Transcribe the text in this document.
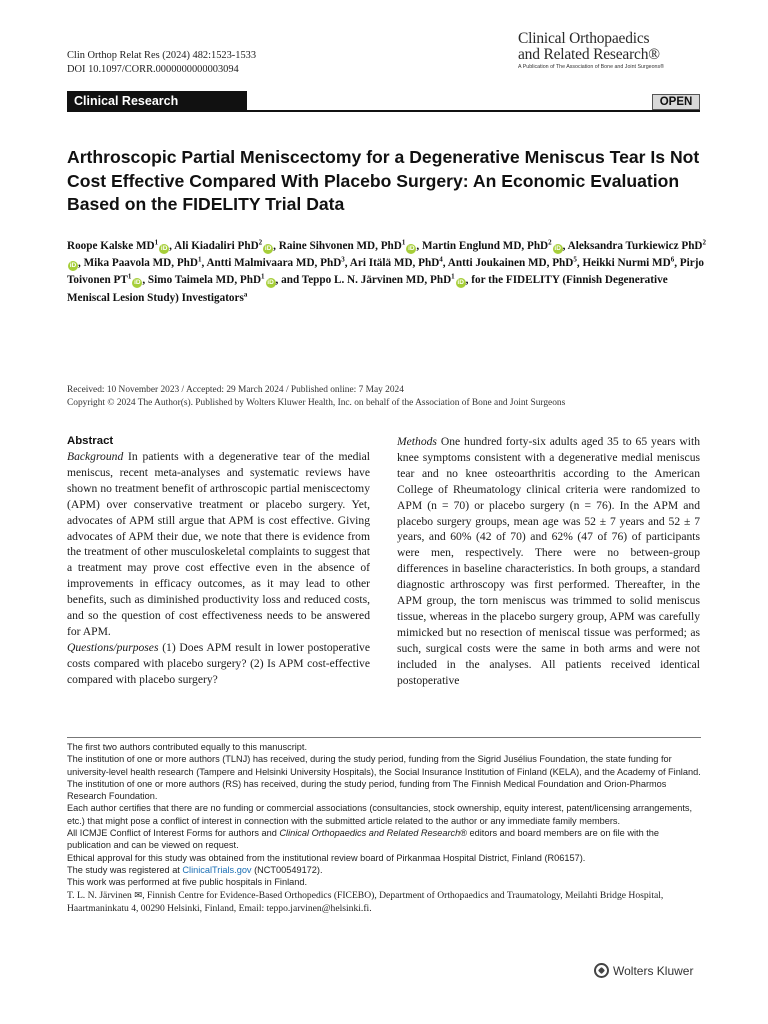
Clin Orthop Relat Res (2024) 482:1523-1533
DOI 10.1097/CORR.0000000000003094
Clinical Orthopaedics
and Related Research®
A Publication of The Association of Bone and Joint Surgeons®
Clinical Research	OPEN
Arthroscopic Partial Meniscectomy for a Degenerative Meniscus Tear Is Not Cost Effective Compared With Placebo Surgery: An Economic Evaluation Based on the FIDELITY Trial Data
Roope Kalske $MD^1iD$ , Ali Kiadaliri PhD$^2$iD , Raine Sihvonen MD, PhD$^1$iD , Martin Englund MD, PhD$^2$iD , Aleksandra Turkiewicz PhD$^2$iD , Mika Paavola MD, PhD$^1$, Antti Malmivaara MD, PhD$^3$, Ari Itälä MD, PhD$^4$, Antti Joukainen MD, PhD$^5$, Heikki Nurmi $MD^6$, Pirjo Toivonen $PT^1iD$ , Simo Taimela MD, PhD$^1$iD , and Teppo L. N. Järvinen MD, PhD$^1$iD , for the FIDELITY (Finnish Degenerative Meniscal Lesion Study) Investigators$^a$
Received: 10 November 2023 / Accepted: 29 March 2024 / Published online: 7 May 2024
Copyright © 2024 The Author(s). Published by Wolters Kluwer Health, Inc. on behalf of the Association of Bone and Joint Surgeons
Abstract

Background In patients with a degenerative tear of the medial meniscus, recent meta-analyses and systematic reviews have shown no treatment benefit of arthroscopic partial meniscectomy (APM) over conservative treatment or placebo surgery. Yet, advocates of APM still argue that APM is cost effective. Giving advocates of APM their due, we note that there is evidence from the treatment of other musculoskeletal complaints to suggest that a treatment may prove cost effective even in the absence of improvements in efficacy outcomes, as it may lead to other benefits, such as diminished productivity loss and reduced costs, and so the question of cost effectiveness needs to be answered for APM.

Questions/purposes (1) Does APM result in lower postoperative costs compared with placebo surgery? (2) Is APM cost-effective compared with placebo surgery?

Methods One hundred forty-six adults aged 35 to 65 years with knee symptoms consistent with a degenerative medial meniscus tear and no knee osteoarthritis according to the American College of Rheumatology clinical criteria were randomized to APM (n = 70) or placebo surgery (n = 76). In the APM and placebo surgery groups, mean age was 52 ± 7 years and 52 ± 7 years, and 60% (42 of 70) and 62% (47 of 76) of participants were men, respectively. There were no between-group differences in baseline characteristics. In both groups, a standard diagnostic arthroscopy was first performed. Thereafter, in the APM group, the torn meniscus was trimmed to solid meniscus tissue, whereas in the placebo surgery group, APM was carefully mimicked but no resection of meniscal tissue was performed; as such, surgical costs were the same in both arms and were not included in the analyses. All patients received identical postoperative

The first two authors contributed equally to this manuscript.

The institution of one or more authors (TLNJ) has received, during the study period, funding from the Sigrid Jusélius Foundation, the state funding for university-level health research (Tampere and Helsinki University Hospitals), the Social Insurance Institution of Finland (KELA), and the Academy of Finland. The institution of one or more authors (RS) has received, during the study period, funding from The Finnish Medical Foundation and Orion-Pharmos Research Foundation.

Each author certifies that there are no funding or commercial associations (consultancies, stock ownership, equity interest, patent/licensing arrangements, etc.) that might pose a conflict of interest in connection with the submitted article related to the author or any immediate family members.

All ICMJE Conflict of Interest Forms for authors and Clinical Orthopaedics and Related Research® editors and board members are on file with the publication and can be viewed on request.

Ethical approval for this study was obtained from the institutional review board of Pirkanmaa Hospital District, Finland (R06157).

The study was registered at ClinicalTrials.gov (NCT00549172).

This work was performed at five public hospitals in Finland.

T. L. N. Järvinen ✉, Finnish Centre for Evidence-Based Orthopedics (FICEBO), Department of Orthopaedics and Traumatology, Meilahti Bridge Hospital, Haartmaninkatu 4, 00290 Helsinki, Finland, Email: teppo.jarvinen@helsinki.fi.

Wolters Kluwer
